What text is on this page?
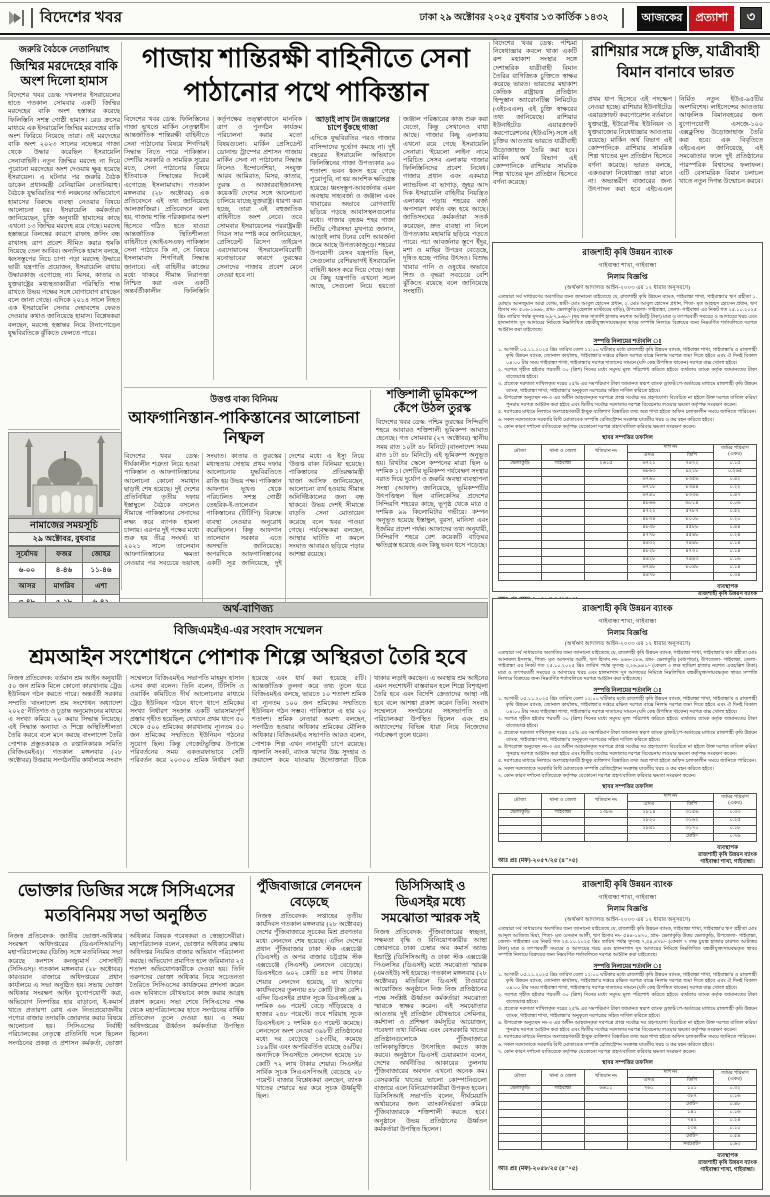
বিদেশের খবর	ঢাকা ২৯ অক্টোবর ২০২৫ বুধবার ১৩ কার্তিক ১৪৩২	আজকের	প্রত্যাশা	৩
জরুরি বৈঠকে নেতানিয়াহু
জিম্মির মরদেহের বাকি অংশ দিলো হামাস
বিদেশের খবর ডেস্ক: দখলদার ইসরায়েলের হাতে গতকাল সোমবার একটি জিম্মির মরদেহের বাকি অংশ হস্তান্তর করেছে ফিলিস্তিনি সশস্ত্র গোষ্ঠী হামাস। রেড ক্রসের মাধ্যমে এক ইসরায়েলি জিম্মির মরদেহের বাকি অংশ ফিরিয়ে নিয়েছে তারা। ওই মরদেহের বাকি অংশ ২০২৩ সালের নভেম্বরে গাজা থেকে উদ্ধার করেছিল ইসরায়েলি সেনাবাহিনী। নতুন জিম্মির মরদেহ না দিয়ে পুরোনো মরদেহের অংশ দেওয়ায় ক্ষুব্ধ হয়েছে ইসরায়েল। এ ঘটনার পর জরুরি বৈঠক ডাকেন প্রধানমন্ত্রী বেনিয়ামিন নেতানিয়াহু। বৈঠকে যুদ্ধবিরতির শর্ত লঙ্ঘনের অভিযোগে হামাসের বিরুদ্ধে ব্যবস্থা নেওয়ার বিষয়ে আলোচনা হয়। ইসরায়েলি কর্মকর্তারা জানিয়েছেন, চুক্তি অনুযায়ী হামাসের কাছে এখনো ১৩ জিম্মির মরদেহ রয়ে গেছে। মরদেহ হস্তান্তরে বিলম্বের কারণে রাফাহ ক্রসিং বন্ধ রাখাসহ ত্রাণ প্রবেশ সীমিত করার হুমকি দিয়েছে তেল আবিব। অন্যদিকে হামাস বলছে, ধ্বংসস্তূপের নিচে চাপা পড়া মরদেহ উদ্ধারে ভারী যন্ত্রপাতি প্রয়োজন, ইসরায়েলি বাধায় উদ্ধারকাজ এগোচ্ছে না। মিসর, কাতার ও যুক্তরাষ্ট্রের মধ্যস্থতাকারীরা পরিস্থিতি শান্ত রাখতে উভয় পক্ষের সঙ্গে যোগাযোগ রাখছেন বলে জানা গেছে। এদিকে ২০১৪ সালে নিহত এক ইসরায়েলি সেনার দেহাবশেষ ফেরত দেওয়ার কথাও জানিয়েছে হামাস। বিশ্লেষকরা বলছেন, মরদেহ হস্তান্তর নিয়ে টানাপোড়েন যুদ্ধবিরতিকে ঝুঁকিতে ফেলতে পারে।
নামাজের সময়সূচি
২৯ অক্টোবর, বুধবার
সূর্যোদয়	ফজর	জোহর
৬-০০	৪-৪৬	১১-৪৬
আসর	মাগরিব	এশা

গাজায় শান্তিরক্ষী বাহিনীতে সেনা পাঠানোর পথে পাকিস্তান
বিদেশের খবর ডেস্ক: ফিলিস্তিনের গাজা ভূখণ্ডে মার্কিন নেতৃত্বাধীন আন্তর্জাতিক শান্তিরক্ষী বাহিনীতে সেনা পাঠানোর বিষয়ে শিগগিরই সিদ্ধান্ত নিতে পারে পাকিস্তান। দেশটির সরকারি ও সামরিক সূত্রের মতে, সেনা পাঠানোর বিষয়ে ইতিবাচক সিদ্ধান্তের দিকেই এগোচ্ছে ইসলামাবাদ। গতকাল মঙ্গলবার (২৮ অক্টোবর) এক প্রতিবেদনে এই তথ্য জানিয়েছে আলজাজিরা। প্রতিবেদনে বলা হয়, গাজায় শান্তি পরিকল্পনার অংশ হিসেবে গঠিত হতে যাওয়া আন্তর্জাতিক স্থিতিশীলতা বাহিনীতে (আইএসএফ) পাকিস্তান সেনা পাঠাবে কি না, সে বিষয়ে ইসলামাবাদ শিগগিরই সিদ্ধান্ত জানাবে। এই বাহিনীর কাজের মধ্যে থাকবে সীমান্ত নিরাপত্তা নিশ্চিত করা এবং একটি অন্তর্বর্তীকালীন ফিলিস্তিনি কর্তৃপক্ষের তত্ত্বাবধানে মানবিক ত্রাণ ও পুনর্গঠন কার্যক্রম পরিচালনা করার মতো বিষয়গুলো। মার্কিন প্রেসিডেন্ট ডোনাল্ড ট্রাম্পের প্রশাসন গাজায় মার্কিন সেনা না পাঠানোর সিদ্ধান্ত নিলেও ইন্দোনেশিয়া, সংযুক্ত আরব আমিরাত, মিসর, কাতার, তুরস্ক ও আজারবাইজানসহ কয়েকটি দেশের সঙ্গে আলোচনা চালিয়ে যাচ্ছে যুক্তরাষ্ট্র। ধারণা করা হচ্ছে, তারা এই বহুজাতিক বাহিনীতে অংশ নেবে। তবে সোমবার ইসরায়েলের পররাষ্ট্রমন্ত্রী গিডন সার স্পষ্ট করে জানিয়েছেন, প্রেসিডেন্ট রিসেপ তাইয়েপ এরদোয়ানের 'ইসরায়েলবিরোধী মনোভাবের' কারণে তুরস্কের সেনাদের গাজায় প্রবেশ মেনে নেওয়া হবে না।
আড়াই লাখ টন জঞ্জালের চাপে ধুঁকছে গাজা
এদিকে যুদ্ধবিরতির পরও গাজার বাসিন্দাদের দুর্ভোগ কমছে না। দুই বছরের ইসরায়েলি অভিযানে ফিলিস্তিনের গাজা উপত্যকার ৯০ শতাংশ ভবন ধ্বংস হয়ে গেছে পুরোপুরি, না হয় আংশিক ক্ষতিগ্রস্ত হয়েছে। ধ্বংসস্তূপ-আবর্জনায় এমন অবস্থায় দাহ্যবর্জ্য ও জঞ্জাল এবং খাবারের অভাবে রোগব্যাধি ছড়িয়ে পড়ছে আবাসস্থলগুলোর মধ্যে। গাজার বৃহত্তম শহর গাজা সিটির পৌরসভা মুখপাত্র জানান, আড়াই লাখ টনের বেশি আবর্জনা জমে আছে উপত্যকাজুড়ে। শহরের উপযোগী যেসব যন্ত্রপাতি ছিল, সেগুলোর বেশিরভাগই ইসরায়েলি বাহিনী ধ্বংস করে দিয়ে গেছে। অল্প যে কিছু যন্ত্রপাতি এখনো সচল আছে, সেগুলো নিয়ে হয়তো জঞ্জাল পরিষ্কারের কাজ শুরু করা যেতো, কিন্তু সেখানেও বাধা আছে। গাজার কিছু এলাকায় এখনো রয়ে গেছে ইসরায়েলি সেনারা। 'ইয়েলো লাইন' নামে পরিচিত সেসব এলাকায় গাজার ফিলিস্তিনিদের প্রবেশ নিষেধ। গাজার প্রধান এবং একমাত্র ল্যান্ডফিল বা ভাগাড়, জুহর আদ দিক ইসরায়েলি বাহিনীর নিয়ন্ত্রিত এলাকায় পড়ায় শহরের বর্জ্য অপসারণ কার্যত বন্ধ হয়ে আছে। জাতিসংঘের কর্মকর্তারা সতর্ক করেছেন, দ্রুত ব্যবস্থা না নিলে উপত্যকায় মহামারি ছড়িয়ে পড়তে পারে। পচা আবর্জনার স্তূপে ইঁদুর, মশা ও মাছির উপদ্রব বেড়েছে, দূষিত হচ্ছে পানির উৎসও। বিশুদ্ধ খাবার পানি ও ওষুধের অভাবে শিশু ও বৃদ্ধরা সবচেয়ে বেশি ঝুঁকিতে রয়েছে বলে জানিয়েছে সংস্থাটি।
উত্তপ্ত বাক্য বিনিময়
আফগানিস্তান-পাকিস্তানের আলোচনা নিষ্ফল
বিদেশের খবর ডেস্ক: দীর্ঘকালীন শত্রুতা নিয়ে হওয়া পাকিস্তান ও আফগানিস্তানের আলোচনা কোনো সমাধান ছাড়াই শেষ হয়েছে। দুই দেশের প্রতিনিধিরা তৃতীয় দফায় ইস্তাম্বুলে বৈঠকে বসলেও সীমান্তে পাকিস্তানের সেনাদের লক্ষ্য করে ব্যাপক হামলা চালায়। এরপর দুই পক্ষের মধ্যে শুরু হয় তীব্র সংঘর্ষ। যা ২০২১ সালে তালেবান আফগানিস্তানের ক্ষমতা নেওয়ার পর সবচেয়ে ভয়াবহ সংঘাত। কাতার ও তুরস্কের মধ্যস্থতায় দোহায় প্রথম দফার আলোচনায় যুদ্ধবিরতিতে রাজি হয় উভয় পক্ষ। পাকিস্তান আফগান ভূখণ্ড থেকে পরিচালিত সশস্ত্র গোষ্ঠী তেহরিক-ই-তালেবান পাকিস্তানের (টিটিপি) বিরুদ্ধে ব্যবস্থা নেওয়ার অনুরোধ করেছিলেন। কিন্তু আফগান তালেবান সরকার এতে অসম্মতি জানিয়েছে। অপরদিকে আফগানিস্তানের একটি সূত্র জানিয়েছে, দুই দেশের মধ্যে এ ইস্যু নিয়ে 'উত্তপ্ত বাক্য বিনিময়' হয়েছে। পাকিস্তানের প্রতিরক্ষামন্ত্রী খাজা আসিফ জানিয়েছেন, আলোচনা ব্যর্থ হওয়ায় সীমান্ত অনির্দিষ্টকালের জন্য বন্ধ থাকবে। উভয় দেশই সীমান্তে বাড়তি সেনা মোতায়েন করেছে বলে খবর পাওয়া গেছে। পর্যবেক্ষকরা বলছেন, আস্থার ঘাটতি না কমলে সংঘাত আবারও ছড়িয়ে পড়ার আশঙ্কা রয়েছে।
শক্তিশালী ভূমিকম্পে কেঁপে উঠল তুরস্ক
বিদেশের খবর ডেস্ক: পশ্চিম তুরস্কের সিন্দিরগি শহরে আবারও শক্তিশালী ভূমিকম্প আঘাত হেনেছে। গত সোমবার (২৭ অক্টোবর) স্থানীয় সময় রাত ১০টা ৪৮ মিনিটে (বাংলাদেশ সময় রাত ১টা ৪৮ মিনিটে) এই ভূমিকম্প অনুভূত হয়। রিখটার স্কেলে কম্পনের মাত্রা ছিল ৬ দশমিক ১। দেশটির ভূমিকম্প পর্যবেক্ষণ সংস্থার বরাত দিয়ে দুর্যোগ ও জরুরি অবস্থা ব্যবস্থাপনা সংস্থা (আফাদ) জানিয়েছে, ভূমিকম্পটির উৎপত্তিস্থল ছিল বালিকেসির প্রদেশের সিন্দিরগি শহরের কাছে, ভূপৃষ্ঠ থেকে মাত্র ৫ দশমিক ৯৯ কিলোমিটার গভীরে। কম্পন অনুভূত হয়েছে ইস্তাম্বুল, বুরসা, মানিসা এবং ইজমির প্রদেশ পর্যন্ত। আফাদের তথ্য অনুযায়ী, সিন্দিরগি শহরে বেশ কয়েকটি বাড়িঘর ক্ষতিগ্রস্ত হয়েছে এবং কিছু ভবন ধসে পড়েছে।
বিদেশের খবর ডেস্ক: পশ্চিমা নিষেধাজ্ঞার কবলে থাকা একটি রুশ মহাকাশ সংস্থার সঙ্গে দেশান্তরিক যাত্রীবাহী বিমান তৈরির বাণিজ্যিক চুক্তিতে স্বাক্ষর করেছে ভারত। ভারতের মহাকাশ কেন্দ্রিক রাষ্ট্রায়ত্ত প্রতিষ্ঠান হিন্দুস্তান অ্যারোনটিক্স লিমিটেড (এইচএএল) এই চুক্তি স্বাক্ষরের তথ্য জানিয়েছে। রাশিয়ার ইউনাইটেড এয়ারক্রাফট করপোরেশনের (ইউএসি) সঙ্গে এই চুক্তির আওতায় ভারতে যাত্রীবাহী উড়োজাহাজ তৈরি করা হবে। মার্কিন অর্থ বিভাগ এই কোম্পানিকে রাশিয়ার সামরিক শিল্প খাতের মূল প্রতিষ্ঠান হিসেবে বর্ণনা করেছে।
রাশিয়ার সঙ্গে চুক্তি, যাত্রীবাহী বিমান বানাবে ভারত
প্রথম ধাপ হিসেবে এই পদক্ষেপ নেওয়া হচ্ছে। রাশিয়ার ইউনাইটেড এয়ারক্রাফট করপোরেশন বর্তমানে যুক্তরাষ্ট্র, ইউরোপীয় ইউনিয়ন ও যুক্তরাজ্যের নিষেধাজ্ঞার আওতায় রয়েছে। মার্কিন অর্থ বিভাগ এই কোম্পানিকে রাশিয়ার সামরিক শিল্প খাতের মূল প্রতিষ্ঠান হিসেবে বর্ণনা করেছে। ভারত বলছে, একতরফা নিষেধাজ্ঞা তারা মানে না। অভ্যন্তরীণ বাজারের জন্য উৎপাদন করা হবে এইচএএল নির্মিত নতুন ইউএ‑৯৫টির অংশবিশেষ। লাইসেন্সের আওতায় আঞ্চলিক বিমানবহরের জন্য যুগোপযোগী এসজে‑১০০ এক্সক্লুসিভ উড়োজাহাজ তৈরি করা হবে। এক বিবৃতিতে এইচএএল জানিয়েছে, এই সমঝোতার ফলে দুই প্রতিষ্ঠানের পারস্পরিক বিশ্বাসের ফলাফল। এটি বেসামরিক বিমান চলাচল খাতে নতুন দিগন্ত উন্মোচন করবে।
অর্থ-বাণিজ্য
বিজিএমইএ-এর সংবাদ সম্মেলন
শ্রমআইন সংশোধনে পোশাক শিল্পে অস্থিরতা তৈরি হবে
নিজস্ব প্রতিবেদক: বর্তমান শ্রম আইন অনুযায়ী ৫০ জন শ্রমিক মিলে কোনো কারখানায় ট্রেড ইউনিয়ন গঠন করতে পারে। অন্তর্বর্তী সরকার সম্প্রতি 'বাংলাদেশ শ্রম সংশোধন অধ্যাদেশ ২০২৫' নীতিগত ও চূড়ান্ত অনুমোদনের মাধ্যমে এ সংখ্যা কমিয়ে ২০ করার সিদ্ধান্ত নিয়েছে। এই সিদ্ধান্ত অন্যায্য ও শিল্পে অস্থিতিশীলতা তৈরি করবে বলে মনে করছে বাংলাদেশ তৈরি পোশাক প্রস্তুতকারক ও রপ্তানিকারক সমিতি (বিজিএমইএ)। গতকাল মঙ্গলবার (২৮ অক্টোবর) উত্তরায় সংগঠনটির কার্যালয়ে সংবাদ সম্মেলনে বিজিএমইএ সভাপতি মাহমুদ হাসান এসব কথা বলেন। তিনি বলেন, টিসিসি ও ওয়ার্কিং কমিটিতে দীর্ঘ আলোচনার মাধ্যমে ট্রেড ইউনিয়ন গঠনে ধাপে ধাপে শ্রমিকের সংখ্যা নির্ধারণ সংক্রান্ত একটি ভারসাম্যপূর্ণ প্রস্তাব গৃহীত হয়েছিল; যেখানে প্রথম ধাপে ৫০ থেকে ৫০০ শ্রমিকের কারখানায় ন্যূনতম ৫০ জন শ্রমিকের সম্মতিতে ইউনিয়ন গঠনের সুযোগ ছিল। কিন্তু গেজেটভুক্তির উপান্তে পরিবর্তনের সময় একতরফাভাবে সেটি পরিবর্তন করে ২০৩০০ শ্রমিক নির্ধারণ করা হয়েছে এবং ধার্য করা হয়েছে ৫টি। আন্তর্জাতিক তুলনা করে তথ্য তুলে ধরে বিজিএমইএ বলছে, ভারতে ১০ শতাংশ শ্রমিক বা ন্যূনতম ১০০ জন শ্রমিকের সম্মতিতে ইউনিয়ন গঠন সম্ভব। পাকিস্তানে এ হার ২০ শতাংশ। শ্রমিক নেতারা অবশ্য বলছেন, সংগঠিত হওয়ার অধিকার শ্রমিকের মৌলিক অধিকার। বিজিএমইএ সভাপতি আরও বলেন, পোশাক শিল্প এখন নানামুখী চাপে রয়েছে। জ্বালানি সংকট, ব্যাংক ঋণের উচ্চ সুদহার ও ক্রয়াদেশ কমে যাওয়ায় উদ্যোক্তারা টিকে থাকার লড়াই করছেন। এ অবস্থায় শ্রম আইনের এমন সংশোধনী বাস্তবায়ন হলে শিল্পে বিশৃঙ্খলা তৈরি হবে এবং বিদেশি ক্রেতাদের আস্থা নষ্ট হবে বলে আশঙ্কা প্রকাশ করেন তিনি। সংবাদ সম্মেলনে সংগঠনের সহসভাপতি ও পরিচালকরা উপস্থিত ছিলেন এবং শ্রম অধ্যাদেশের বিভিন্ন ধারা নিয়ে নিজেদের পর্যবেক্ষণ তুলে ধরেন।
ভোক্তার ডিজির সঙ্গে সিসিএসের মতবিনিময় সভা অনুষ্ঠিত
নিজস্ব প্রতিবেদক: জাতীয় ভোক্তা-অধিকার সংরক্ষণ অধিদপ্তরের (ডিএনসিআরপি) মহাপরিচালকের (ডিজি) সঙ্গে মতবিনিময় সভা করেছে কনশাস কনজ্যুমার্স সোসাইটি (সিসিএস)। গতকাল মঙ্গলবার (২৮ অক্টোবর) কারওয়ান বাজারে অধিদপ্তরের প্রধান কার্যালয়ে এ সভা অনুষ্ঠিত হয়। সভায় ভোক্তা অধিকার সংরক্ষণ আইন যুগোপযোগী করা, অভিযোগ নিষ্পত্তির হার বাড়ানো, ই-কমার্স খাতে প্রতারণা রোধ এবং নিত্যপ্রয়োজনীয় পণ্যের বাজার তদারকি জোরদার করার বিষয়ে আলোচনা হয়। সিসিএসের নির্বাহী পরিচালকের নেতৃত্বে প্রতিনিধি দলে ছিলেন সংগঠনের প্রকল্প ও প্রশাসন কর্মকর্তা, ভোক্তা অধিকার বিষয়ক গবেষকরা ও স্বেচ্ছাসেবীরা। মহাপরিচালক বলেন, ভোক্তার অধিকার রক্ষায় অধিদপ্তর নিয়মিত বাজার অভিযান পরিচালনা করছে। অভিযোগ প্রমাণিত হলে জরিমানার ২৫ শতাংশ অভিযোগকারীকে দেওয়া হয়। তিনি তরুণদের ভোক্তা অধিকার নিয়ে সচেতনতা তৈরিতে সিসিএসের কার্যক্রমের প্রশংসা করেন এবং ভবিষ্যতে যৌথভাবে কাজ করার আগ্রহ প্রকাশ করেন। সভা শেষে সিসিএসের পক্ষ থেকে মহাপরিচালকের হাতে সংগঠনের বার্ষিক প্রতিবেদন তুলে দেওয়া হয়। এ সময় অধিদপ্তরের ঊর্ধ্বতন কর্মকর্তারা উপস্থিত ছিলেন।
পুঁজিবাজারে লেনদেন বেড়েছে
নিজস্ব প্রতিবেদক: সপ্তাহের তৃতীয় কার্যদিবস গতকাল মঙ্গলবার (২৮ অক্টোবর) দেশের পুঁজিবাজারে সূচকের মিশ্র প্রবণতার মধ্যে লেনদেন শেষ হয়েছে। এদিন দেশের প্রধান পুঁজিবাজার ঢাকা স্টক এক্সচেঞ্জ (ডিএসই) ও অপর বাজার চট্টগ্রাম স্টক এক্সচেঞ্জে (সিএসই) লেনদেন বেড়েছে। ডিএসইতে ৬০২ কোটি ৪৫ লাখ টাকার শেয়ার লেনদেন হয়েছে, যা আগের কার্যদিবসের তুলনায় ৪৮ কোটি টাকা বেশি। এদিন ডিএসইর প্রধান সূচক ডিএসইএক্স ৯ দশমিক ৬৬ পয়েন্ট বেড়ে দাঁড়িয়েছে ৫ হাজার ২৪৮ পয়েন্টে। তবে শরিয়াহ সূচক ডিএসইএস ১ দশমিক ৪৩ পয়েন্ট কমেছে। লেনদেনে অংশ নেওয়া ৩৯৮টি প্রতিষ্ঠানের মধ্যে দর বেড়েছে ১৫৩টির, কমেছে ১৮৯টির এবং অপরিবর্তিত রয়েছে ৫৬টির। অন্যদিকে সিএসইতে লেনদেন হয়েছে ১৮ কোটি ৭২ লাখ টাকার শেয়ার। সিএসইর সার্বিক সূচক সিএএসপিআই বেড়েছে ২৮ পয়েন্ট। বাজার বিশ্লেষকরা বলছেন, ব্যাংক খাতের শেয়ারে ভর করে সূচক ঊর্ধ্বমুখী ছিল।
ডিসিসিআই ও ডিএসইর মধ্যে সমঝোতা স্মারক সই
নিজস্ব প্রতিবেদক: পুঁজিবাজারের স্বচ্ছতা, সক্ষমতা বৃদ্ধি ও বিনিয়োগকারীর আস্থা জোরদারে ঢাকা চেম্বার অব কমার্স অ্যান্ড ইন্ডাস্ট্রি (ডিসিসিআই) ও ঢাকা স্টক এক্সচেঞ্জ পিএলসির (ডিএসই) মধ্যে সমঝোতা স্মারক (এমওইউ) সই হয়েছে। গতকাল মঙ্গলবার (২৮ অক্টোবর) মতিঝিলে ডিএসই টাওয়ারে আয়োজিত অনুষ্ঠানে নিজ নিজ প্রতিষ্ঠানের পক্ষে সংশ্লিষ্ট ঊর্ধ্বতন কর্মকর্তারা সমঝোতা স্মারকে স্বাক্ষর করেন। এই সমঝোতার আওতায় দুই প্রতিষ্ঠান যৌথভাবে সেমিনার, কর্মশালা ও প্রশিক্ষণ কর্মসূচির আয়োজন, গবেষণা তথ্য বিনিময় এবং বেসরকারি খাতের প্রতিষ্ঠানগুলোকে পুঁজিবাজারে তালিকাভুক্তিতে উৎসাহিত করতে কাজ করবে। অনুষ্ঠানে ডিএসই চেয়ারম্যান বলেন, দেশের অর্থনীতির আকারের তুলনায় পুঁজিবাজারের অবদান এখনো অনেক কম। বেসরকারি খাতের ভালো কোম্পানিগুলো বাজারে এলে বিনিয়োগকারীরা উপকৃত হবেন। ডিসিসিআই সভাপতি বলেন, দীর্ঘমেয়াদি অর্থায়নের জন্য ব্যাংকনির্ভরতা কমিয়ে পুঁজিবাজারকে শক্তিশালী করতে হবে। অনুষ্ঠানে উভয় প্রতিষ্ঠানের ঊর্ধ্বতন কর্মকর্তারা উপস্থিত ছিলেন।
রাজশাহী কৃষি উন্নয়ন ব্যাংক
গাইবান্ধা শাখা, গাইবান্ধা
নিলাম বিজ্ঞপ্তি
(অর্থঋণ আদালত আইন-২০০৩ এর ১২ ধারার অনুসরণে)
এতদ্বারা সর্ব সাধারণের অবগতির জন্য জানানো যাইতেছে যে, রাজশাহী কৃষি উন্নয়ন ব্যাংক, গাইবান্ধা শাখা, গাইবান্ধা'র ঋণ গ্রহীতা ১. মোছাঃ আনজুমান আরা বেগম, স্বামী- মোঃ আবুল হোসেন প্রধান, ২. মোঃ আবুল হোসেন প্রধান, পিতা- মৃত আহম্মদ হোসেন প্রধান, ঋণ হিসাব নং- ৫০৬-১৬৬৮, গ্রাম- ভেলাকুড়ি (হেলাল মাস্টারের বাড়ি), উপজেলা- গাইবান্ধা, জেলা- গাইবান্ধা এর নিকট গত ২৫.১০.২০২৫ খ্রিঃ তারিখ পর্যন্ত সুদসহ ৬,৮৭,৯৬৮/- (ছয় লক্ষ সাতাশি হাজার নয়শত আটষট্টি টাকা) মাত্র ও তৎপরবর্তী সময়ের ও আদায়ের খরচ এবং হালনাগাদ সুদ আদায়ের নিমিত্তে নিম্নলিখিত বন্ধকীযুক্ত/দায়বদ্ধকৃত স্থাবর সম্পত্তি নিলামে বিক্রয়ের জন্য নিম্নবর্ণিত শর্তাবলিতে দরপত্র আহ্বান করা যাইতেছে।
সম্পত্তি নিলামের শর্তাবলি ঃ
১. আগামী ০৫.১১.২০২৫ খ্রিঃ তারিখ বেলা ১২:০০ ঘটিকার মধ্যে রাজশাহী কৃষি উন্নয়ন ব্যাংক, গাইবান্ধা শাখা, গাইবান্ধা'র ও রাজশাহী কৃষি উন্নয়ন ব্যাংক, জোনাল কার্যালয়, গাইবান্ধা'র দপ্তরে রক্ষিত দরপত্র বাক্সে নিলাম দরপত্র জমা দিতে হইবে এবং ঐ দিনই বিকাল ০৪:০০ টার সময় গাইবান্ধা শাখা, গাইবান্ধা'র দরপত্র দাতাদের সামনে (যদি কেহ উপস্থিত থাকেন) দরপত্র বাক্স খোলা হইবে।
২. দরপত্র গৃহীত হইবার পরবর্তী ৩০ (ত্রিশ) দিনের মধ্যে সমুদয় মূল্য পরিশোধ করিতে হইবে। ব্যর্থতায় ব্যাংক কর্তৃক জামানতের টাকা বাজেয়াপ্ত হইবে।
৩. প্রত্যেক দরদাতা দাখিলকৃত দরের ২৫% এর সমপরিমাণ টাকা জামানত স্বরূপ ব্যাংক ড্রাফট/পে-অর্ডারের মাধ্যমে রাজশাহী কৃষি উন্নয়ন ব্যাংক, গাইবান্ধা শাখা, গাইবান্ধা'র অনুকূলে দরপত্রের সহিত দাখিল করিতে হইবে।
৪. উপরোক্ত অনুচ্ছেদ নং-৩ এর অধীন আহবানকৃত দরপত্রে প্রাপ্ত সর্বোচ্চ দর গ্রহণযোগ্য বিবেচিত না হইলে উক্ত দরপত্র বাতিল করিয়া পুনরায় দরপত্র আহ্বান করা হইবে এবং দ্বিতীয় সর্বোচ্চ দরদাতার দরপত্র বিবেচনায় লওয়ার ক্ষমতা কর্তৃপক্ষ সংরক্ষণ করেন।
৫. দরপত্রের মাধ্যমে নিলামে অংশগ্রহণকারী ইচ্ছুক ব্যক্তিগণ বিস্তারিত তথ্য অত্র শাখা হইতে অফিস চলাকালীন সময়ে জানিতে পারিবেন।
৬. সকল দরদাতাকে সরকারি বিধি মোতাবেক সম্পত্তি রেজিস্ট্রেশন সংক্রান্ত যাবতীয় খরচ ও কর বহন করিতে হইবে।
৭. কোন কারণ দর্শানো ব্যতিরেকে কর্তৃপক্ষ যেকোনো দরপত্র গ্রহণ/বাতিল করিবার ক্ষমতা সংরক্ষণ করেন।
স্থাবর সম্পত্তির তফসিল
মৌজা	থানা ও জেলা	খতিয়ান নং	দাগ নং		জমির পরিমাণ (একর)
			এসএ	ডিপি	
ভেলাকুড়ি	গাইবান্ধা	২৬১৫	৬৭২১	৭৪৭২	০.১৫
			৬৮৬৩	৯২১৮	০.২৬৫
			৬৭৬০	৮৩৫৬	০.৪২
			৬৭১৮	৮৩৪৪	০.২২
			৬৭৪০	৮৩৩৬	০.৪৭
			৪৮৬৬	৬০১৪	০.০৬
			৪৭২২	৫৭৮৭	০.৫২
			৪৮৩৪	৮০০৮	০.২০
			৪৮৩৮	৫৫৮৮	০.৪৪
			৪৭৭৮	৫৫৪৮	০.২৪
			৪৪৩২	৭৪৪৮	০.১৪
			৪৮২৮	৪৭৩১	০.১৪
			৪৪২৮	৭৪৪৩	০.১৬
			৬৭৪৮	৮০৪৮	০.১৪
			৪৪৭৮		০.৩৪
ব্যবস্থাপক
রাজশাহী কৃষি উন্নয়ন ব্যাংক
রাজশাহী কৃষি উন্নয়ন ব্যাংক
গাইবান্ধা শাখা, গাইবান্ধা
নিলাম বিজ্ঞপ্তি
(অর্থঋণ আদালত আইন-২০০৩ এর ১২ ধারার অনুসরণে)
এতদ্বারা সর্ব সাধারণের অবগতির জন্য জানানো যাইতেছে যে, রাজশাহী কৃষি উন্নয়ন ব্যাংক, গাইবান্ধা শাখা, গাইবান্ধা'র ঋণ গ্রহীতা মোঃ আনারুল ইসলাম, পিতা- মৃত আফসার আলী, ঋণ হিসাব নং- ৪৬৬-২৮৬, গ্রাম- ভেলাকুড়ি (মধ্যপাড়া), উপজেলা- গাইবান্ধা, জেলা- গাইবান্ধা এর নিকট গত ২৫.১০.২০২৫ খ্রিঃ তারিখ পর্যন্ত সুদসহ ৩,২৬,৯৪১/- (কেবল ৩ লক্ষ ছাব্বিশ হাজার নয়শত একচল্লিশ টাকা) মাত্র ও তৎপরবর্তী সময়ের ও আদায়ের খরচ এবং হালনাগাদ সুদ আদায়ের নিমিত্তে নিম্নলিখিত বন্ধকীযুক্ত/দায়বদ্ধকৃত স্থাবর সম্পত্তি নিলামে বিক্রয়ের জন্য নিম্নবর্ণিত শর্তাবলিতে দরপত্র আহ্বান করা যাইতেছে।
সম্পত্তি নিলামের শর্তাবলি ঃ
১. আগামী ০৫.১১.২০২৫ খ্রিঃ তারিখ বেলা ১২:০০ ঘটিকার মধ্যে রাজশাহী কৃষি উন্নয়ন ব্যাংক, গাইবান্ধা শাখা, গাইবান্ধা'র ও রাজশাহী কৃষি উন্নয়ন ব্যাংক, জোনাল কার্যালয়, গাইবান্ধা'র দপ্তরে রক্ষিত দরপত্র বাক্সে নিলাম দরপত্র জমা দিতে হইবে এবং ঐ দিনই বিকাল ০৪:০০ টার সময় গাইবান্ধা শাখা, গাইবান্ধা'র দরপত্র দাতাদের সামনে (যদি কেহ উপস্থিত থাকেন) দরপত্র বাক্স খোলা হইবে।
২. দরপত্র গৃহীত হইবার পরবর্তী ৩০ (ত্রিশ) দিনের মধ্যে সমুদয় মূল্য পরিশোধ করিতে হইবে। ব্যর্থতায় ব্যাংক কর্তৃক জামানতের টাকা বাজেয়াপ্ত হইবে।
৩. প্রত্যেক দরদাতা দাখিলকৃত দরের ২৫% এর সমপরিমাণ টাকা জামানত স্বরূপ ব্যাংক ড্রাফট/পে-অর্ডারের মাধ্যমে রাজশাহী কৃষি উন্নয়ন ব্যাংক, গাইবান্ধা শাখা, গাইবান্ধা'র অনুকূলে দরপত্রের সহিত দাখিল করিতে হইবে।
৪. উপরোক্ত অনুচ্ছেদ নং-৩ এর অধীন আহবানকৃত দরপত্রে প্রাপ্ত সর্বোচ্চ দর গ্রহণযোগ্য বিবেচিত না হইলে উক্ত দরপত্র বাতিল করিয়া পুনরায় দরপত্র আহ্বান করা হইবে এবং দ্বিতীয় সর্বোচ্চ দরদাতার দরপত্র বিবেচনায় লওয়ার ক্ষমতা কর্তৃপক্ষ সংরক্ষণ করেন।
৫. দরপত্রের মাধ্যমে নিলামে অংশগ্রহণকারী ইচ্ছুক ব্যক্তিগণ বিস্তারিত তথ্য অত্র শাখা হইতে অফিস চলাকালীন সময়ে জানিতে পারিবেন।
৬. সকল দরদাতাকে সরকারি বিধি মোতাবেক সম্পত্তি রেজিস্ট্রেশন সংক্রান্ত যাবতীয় খরচ ও কর বহন করিতে হইবে।
৭. কোন কারণ দর্শানো ব্যতিরেকে কর্তৃপক্ষ যেকোনো দরপত্র গ্রহণ/বাতিল করিবার ক্ষমতা সংরক্ষণ করেন।
স্থাবর সম্পত্তির তফসিল
মৌজা	থানা ও জেলা	খতিয়ান নং	দাগ নং		জমির পরিমাণ (একর)
			এসএ	ডিপি	
ভেলাকুড়ি	গাইবান্ধা	১৩৮৬	২৮১৪	৩১৫৬	০.৩৩
			২৮২০	৩১৬২	০.২৫
			২৮৪১	৩১৭০	০.১৮
				মোট=	০.৭৬
আঃ প্রঃ (মফ)-২০৫৭/২৫ (৪"×৫)
ব্যবস্থাপক
রাজশাহী কৃষি উন্নয়ন ব্যাংক
গাইবান্ধা শাখা, গাইবান্ধা।
রাজশাহী কৃষি উন্নয়ন ব্যাংক
গাইবান্ধা শাখা, গাইবান্ধা
নিলাম বিজ্ঞপ্তি
(অর্থঋণ আদালত আইন-২০০৩ এর ১২ ধারার অনুসরণে)
এতদ্বারা সর্ব সাধারণের অবগতির জন্য জানানো যাইতেছে যে, রাজশাহী কৃষি উন্নয়ন ব্যাংক, গাইবান্ধা শাখা, গাইবান্ধা'র ঋণ গ্রহীতা মোঃ আব্দুল আজিজ মিয়া, পিতা- মৃত ওসমান আলী, ঋণ হিসাব নং- ৫৪৪-১৪৭০, গ্রাম- ভেলাকুড়ি উত্তর ভেলাকুড়ি, উপজেলা- গাইবান্ধা, জেলা- গাইবান্ধা এর নিকট গত ২৫.১০.২০২৫ খ্রিঃ তারিখ পর্যন্ত সুদসহ ৭,৫৪,৪৭৮/- (কেবল ৭ লক্ষ চুয়ান্ন হাজার চারশত আটাত্তর টাকা) মাত্র ও তৎপরবর্তী সময়ের ও আদায়ের খরচ এবং হালনাগাদ সুদ আদায়ের নিমিত্তে নিম্নলিখিত বন্ধকীযুক্ত/দায়বদ্ধকৃত স্থাবর সম্পত্তি নিলামে বিক্রয়ের জন্য নিম্নবর্ণিত শর্তাবলিতে দরপত্র আহ্বান করা যাইতেছে।
সম্পত্তি নিলামের শর্তাবলি ঃ
১. আগামী ০৫.১১.২০২৫ খ্রিঃ তারিখ বেলা ১২:০০ ঘটিকার মধ্যে রাজশাহী কৃষি উন্নয়ন ব্যাংক, গাইবান্ধা শাখা, গাইবান্ধা'র ও রাজশাহী কৃষি উন্নয়ন ব্যাংক, জোনাল কার্যালয়, গাইবান্ধা'র দপ্তরে রক্ষিত দরপত্র বাক্সে নিলাম দরপত্র জমা দিতে হইবে এবং ঐ দিনই বিকাল ০৪:০০ টার সময় গাইবান্ধা শাখা, গাইবান্ধা'র দরপত্র দাতাদের সামনে (যদি কেহ উপস্থিত থাকেন) দরপত্র বাক্স খোলা হইবে।
২. দরপত্র গৃহীত হইবার পরবর্তী ৩০ (ত্রিশ) দিনের মধ্যে সমুদয় মূল্য পরিশোধ করিতে হইবে। ব্যর্থতায় ব্যাংক কর্তৃক জামানতের টাকা বাজেয়াপ্ত হইবে।
৩. প্রত্যেক দরদাতা দাখিলকৃত দরের ২৫% এর সমপরিমাণ টাকা জামানত স্বরূপ ব্যাংক ড্রাফট/পে-অর্ডারের মাধ্যমে রাজশাহী কৃষি উন্নয়ন ব্যাংক, গাইবান্ধা শাখা, গাইবান্ধা'র অনুকূলে দরপত্রের সহিত দাখিল করিতে হইবে।
৪. উপরোক্ত অনুচ্ছেদ নং-৩ এর অধীন আহবানকৃত দরপত্রে প্রাপ্ত সর্বোচ্চ দর গ্রহণযোগ্য বিবেচিত না হইলে উক্ত দরপত্র বাতিল করিয়া পুনরায় দরপত্র আহ্বান করা হইবে এবং দ্বিতীয় সর্বোচ্চ দরদাতার দরপত্র বিবেচনায় লওয়ার ক্ষমতা কর্তৃপক্ষ সংরক্ষণ করেন।
৫. দরপত্রের মাধ্যমে নিলামে অংশগ্রহণকারী ইচ্ছুক ব্যক্তিগণ বিস্তারিত তথ্য অত্র শাখা হইতে অফিস চলাকালীন সময়ে জানিতে পারিবেন।
৬. সকল দরদাতাকে সরকারি বিধি মোতাবেক সম্পত্তি রেজিস্ট্রেশন সংক্রান্ত যাবতীয় খরচ ও কর বহন করিতে হইবে।
৭. কোন কারণ দর্শানো ব্যতিরেকে কর্তৃপক্ষ যেকোনো দরপত্র গ্রহণ/বাতিল করিবার ক্ষমতা সংরক্ষণ করেন।
স্থাবর সম্পত্তির তফসিল
মৌজা	থানা ও জেলা	খতিয়ান নং	দাগ নং		জমির পরিমাণ (একর)
			এসএ	ডিপি	
ভেলাকুড়ি	গাইবান্ধা	৬৬১১	৭৬১	১০১	০.৩২
				৩৮৭	০.১৬
				মোট=	০.৪৮
				১৪১	০.১৬
				৭৪২	০.২৪
				২৩৪	০.১০
				মোট=	০.৫৪
				সর্বমোট=	০.৬৩
আঃ প্রঃ (মফ)-২০৫৮/২৫ (৪"×৫)
ব্যবস্থাপক
রাজশাহী কৃষি উন্নয়ন ব্যাংক
গাইবান্ধা শাখা, গাইবান্ধা।
